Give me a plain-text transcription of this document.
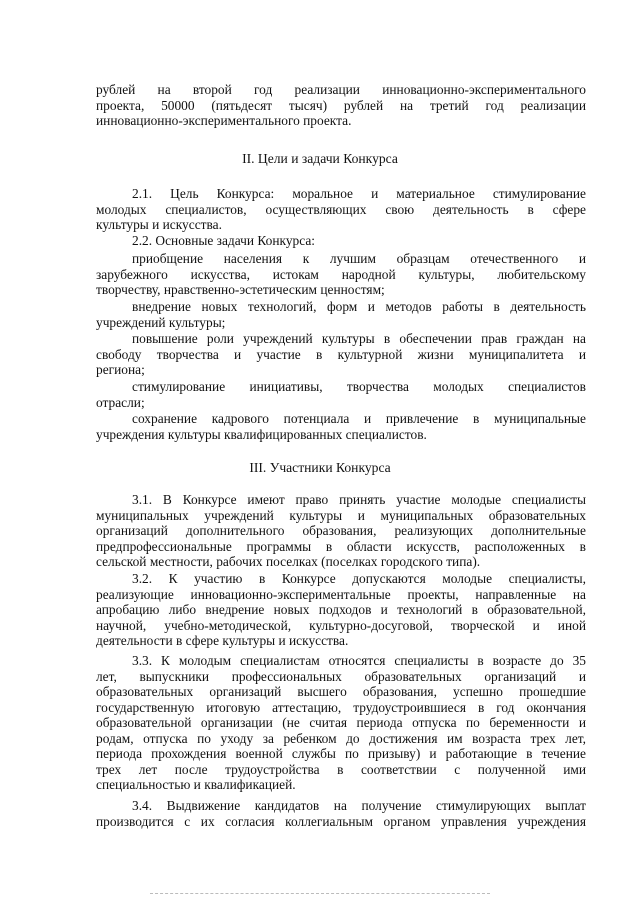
рублей на второй год реализации инновационно-экспериментального
проекта, 50000 (пятьдесят тысяч) рублей на третий год реализации
инновационно-экспериментального проекта.
II. Цели и задачи Конкурса
2.1. Цель Конкурса: моральное и материальное стимулирование
молодых специалистов, осуществляющих свою деятельность в сфере
культуры и искусства.
2.2. Основные задачи Конкурса:
приобщение населения к лучшим образцам отечественного и
зарубежного искусства, истокам народной культуры, любительскому
творчеству, нравственно-эстетическим ценностям;
внедрение новых технологий, форм и методов работы в деятельность
учреждений культуры;
повышение роли учреждений культуры в обеспечении прав граждан на
свободу творчества и участие в культурной жизни муниципалитета и
региона;
стимулирование инициативы, творчества молодых специалистов
отрасли;
сохранение кадрового потенциала и привлечение в муниципальные
учреждения культуры квалифицированных специалистов.
III. Участники Конкурса
3.1. В Конкурсе имеют право принять участие молодые специалисты
муниципальных учреждений культуры и муниципальных образовательных
организаций дополнительного образования, реализующих дополнительные
предпрофессиональные программы в области искусств, расположенных в
сельской местности, рабочих поселках (поселках городского типа).
3.2. К участию в Конкурсе допускаются молодые специалисты,
реализующие инновационно-экспериментальные проекты, направленные на
апробацию либо внедрение новых подходов и технологий в образовательной,
научной, учебно-методической, культурно-досуговой, творческой и иной
деятельности в сфере культуры и искусства.
3.3. К молодым специалистам относятся специалисты в возрасте до 35
лет, выпускники профессиональных образовательных организаций и
образовательных организаций высшего образования, успешно прошедшие
государственную итоговую аттестацию, трудоустроившиеся в год окончания
образовательной организации (не считая периода отпуска по беременности и
родам, отпуска по уходу за ребенком до достижения им возраста трех лет,
периода прохождения военной службы по призыву) и работающие в течение
трех лет после трудоустройства в соответствии с полученной ими
специальностью и квалификацией.
3.4. Выдвижение кандидатов на получение стимулирующих выплат
производится с их согласия коллегиальным органом управления учреждения
